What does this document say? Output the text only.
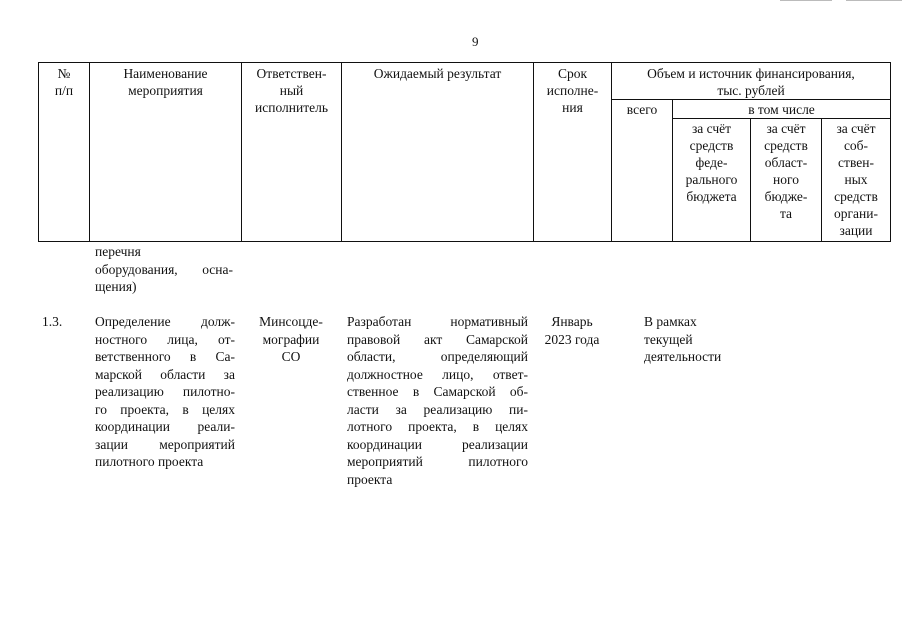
9
№
п/п
Наименование
мероприятия
Ответствен-
ный
исполнитель
Ожидаемый результат	Срок
исполне-
ния
Объем и источник финансирования,
тыс. рублей
всего	в том числе
за счёт
средств
феде-
рального
бюджета
за счёт
средств
област-
ного
бюдже-
та
за счёт
соб-
ствен-
ных
средств
органи-
зации
перечня
оборудования, осна-
щения)
1.3. Определение долж-
ностного лица, от-
ветственного в Са-
марской области за
реализацию пилотно-
го проекта, в целях
координации реали-
зации мероприятий
пилотного проекта
Минсоцде-
мографии
СО
Разработан нормативный
правовой акт Самарской
области, определяющий
должностное лицо, ответ-
ственное в Самарской об-
ласти за реализацию пи-
лотного проекта, в целях
координации реализации
мероприятий пилотного
проекта
Январь
2023 года
В рамках текущей деятельности
